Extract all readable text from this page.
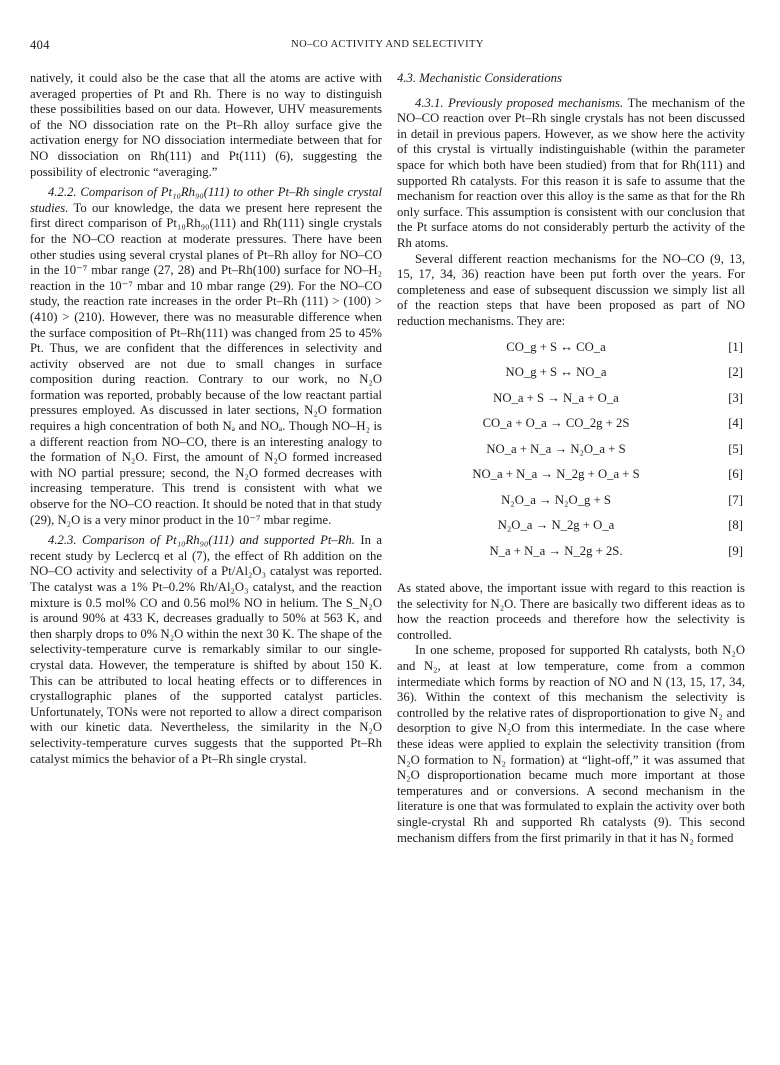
404	NO–CO ACTIVITY AND SELECTIVITY

natively, it could also be the case that all the atoms are active with averaged properties of Pt and Rh. There is no way to distinguish these possibilities based on our data. However, UHV measurements of the NO dissociation rate on the Pt–Rh alloy surface give the activation energy for NO dissociation intermediate between that for NO dissociation on Rh(111) and Pt(111) (6), suggesting the possibility of electronic “averaging.”

4.2.2. Comparison of Pt₁₀Rh₉₀(111) to other Pt–Rh single crystal studies. To our knowledge, the data we present here represent the first direct comparison of Pt₁₀Rh₉₀(111) and Rh(111) single crystals for the NO–CO reaction at moderate pressures. There have been other studies using several crystal planes of Pt–Rh alloy for NO–CO in the 10⁻⁷ mbar range (27, 28) and Pt–Rh(100) surface for NO–H₂ reaction in the 10⁻⁷ mbar and 10 mbar range (29). For the NO–CO study, the reaction rate increases in the order Pt–Rh (111) > (100) > (410) > (210). However, there was no measurable difference when the surface composition of Pt–Rh(111) was changed from 25 to 45% Pt. Thus, we are confident that the differences in selectivity and activity observed are not due to small changes in surface composition during reaction. Contrary to our work, no N₂O formation was reported, probably because of the low reactant partial pressures employed. As discussed in later sections, N₂O formation requires a high concentration of both Nₐ and NOₐ. Though NO–H₂ is a different reaction from NO–CO, there is an interesting analogy to the formation of N₂O. First, the amount of N₂O formed increased with NO partial pressure; second, the N₂O formed decreases with increasing temperature. This trend is consistent with what we observe for the NO–CO reaction. It should be noted that in that study (29), N₂O is a very minor product in the 10⁻⁷ mbar regime.

4.2.3. Comparison of Pt₁₀Rh₉₀(111) and supported Pt–Rh. In a recent study by Leclercq et al (7), the effect of Rh addition on the NO–CO activity and selectivity of a Pt/Al₂O₃ catalyst was reported. The catalyst was a 1% Pt–0.2% Rh/Al₂O₃ catalyst, and the reaction mixture is 0.5 mol% CO and 0.56 mol% NO in helium. The S_N₂O is around 90% at 433 K, decreases gradually to 50% at 563 K, and then sharply drops to 0% N₂O within the next 30 K. The shape of the selectivity-temperature curve is remarkably similar to our single-crystal data. However, the temperature is shifted by about 150 K. This can be attributed to local heating effects or to differences in crystallographic planes of the supported catalyst particles. Unfortunately, TONs were not reported to allow a direct comparison with our kinetic data. Nevertheless, the similarity in the N₂O selectivity-temperature curves suggests that the supported Pt–Rh catalyst mimics the behavior of a Pt–Rh single crystal.

4.3. Mechanistic Considerations

4.3.1. Previously proposed mechanisms. The mechanism of the NO–CO reaction over Pt–Rh single crystals has not been discussed in detail in previous papers. However, as we show here the activity of this crystal is virtually indistinguishable (within the parameter space for which both have been studied) from that for Rh(111) and supported Rh catalysts. For this reason it is safe to assume that the mechanism for reaction over this alloy is the same as that for the Rh only surface. This assumption is consistent with our conclusion that the Pt surface atoms do not considerably perturb the activity of the Rh atoms.

Several different reaction mechanisms for the NO–CO (9, 13, 15, 17, 34, 36) reaction have been put forth over the years. For completeness and ease of subsequent discussion we simply list all of the reaction steps that have been proposed as part of NO reduction mechanisms. They are:

CO_g + S ↔ CO_a	[1]
NO_g + S ↔ NO_a	[2]
NO_a + S → N_a + O_a	[3]
CO_a + O_a → CO_2g + 2S	[4]
NO_a + N_a → N₂O_a + S	[5]
NO_a + N_a → N_2g + O_a + S	[6]
N₂O_a → N₂O_g + S	[7]
N₂O_a → N_2g + O_a	[8]
N_a + N_a → N_2g + 2S.	[9]

As stated above, the important issue with regard to this reaction is the selectivity for N₂O. There are basically two different ideas as to how the reaction proceeds and therefore how the selectivity is controlled.

In one scheme, proposed for supported Rh catalysts, both N₂O and N₂, at least at low temperature, come from a common intermediate which forms by reaction of NO and N (13, 15, 17, 34, 36). Within the context of this mechanism the selectivity is controlled by the relative rates of disproportionation to give N₂ and desorption to give N₂O from this intermediate. In the case where these ideas were applied to explain the selectivity transition (from N₂O formation to N₂ formation) at “light-off,” it was assumed that N₂O disproportionation became much more important at those temperatures and or conversions. A second mechanism in the literature is one that was formulated to explain the activity over both single-crystal Rh and supported Rh catalysts (9). This second mechanism differs from the first primarily in that it has N₂ formed
